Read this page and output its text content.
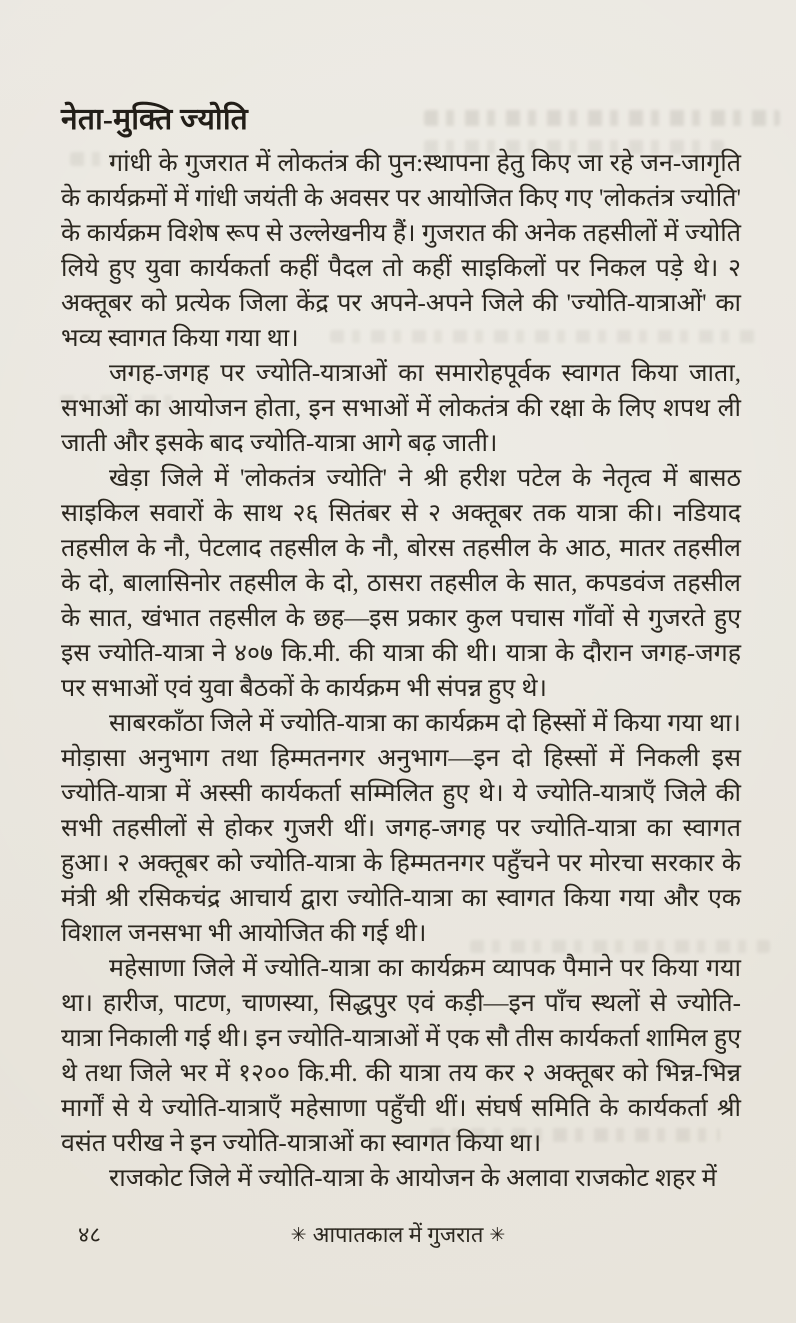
नेता-मुक्ति ज्योति

गांधी के गुजरात में लोकतंत्र की पुन:स्थापना हेतु किए जा रहे जन-जागृति के कार्यक्रमों में गांधी जयंती के अवसर पर आयोजित किए गए 'लोकतंत्र ज्योति' के कार्यक्रम विशेष रूप से उल्लेखनीय हैं। गुजरात की अनेक तहसीलों में ज्योति लिये हुए युवा कार्यकर्ता कहीं पैदल तो कहीं साइकिलों पर निकल पड़े थे। २ अक्तूबर को प्रत्येक जिला केंद्र पर अपने-अपने जिले की 'ज्योति-यात्राओं' का भव्य स्वागत किया गया था।

जगह-जगह पर ज्योति-यात्राओं का समारोहपूर्वक स्वागत किया जाता, सभाओं का आयोजन होता, इन सभाओं में लोकतंत्र की रक्षा के लिए शपथ ली जाती और इसके बाद ज्योति-यात्रा आगे बढ़ जाती।

खेड़ा जिले में 'लोकतंत्र ज्योति' ने श्री हरीश पटेल के नेतृत्व में बासठ साइकिल सवारों के साथ २६ सितंबर से २ अक्तूबर तक यात्रा की। नडियाद तहसील के नौ, पेटलाद तहसील के नौ, बोरस तहसील के आठ, मातर तहसील के दो, बालासिनोर तहसील के दो, ठासरा तहसील के सात, कपडवंज तहसील के सात, खंभात तहसील के छह—इस प्रकार कुल पचास गाँवों से गुजरते हुए इस ज्योति-यात्रा ने ४०७ कि.मी. की यात्रा की थी। यात्रा के दौरान जगह-जगह पर सभाओं एवं युवा बैठकों के कार्यक्रम भी संपन्न हुए थे।

साबरकाँठा जिले में ज्योति-यात्रा का कार्यक्रम दो हिस्सों में किया गया था। मोड़ासा अनुभाग तथा हिम्मतनगर अनुभाग—इन दो हिस्सों में निकली इस ज्योति-यात्रा में अस्सी कार्यकर्ता सम्मिलित हुए थे। ये ज्योति-यात्राएँ जिले की सभी तहसीलों से होकर गुजरी थीं। जगह-जगह पर ज्योति-यात्रा का स्वागत हुआ। २ अक्तूबर को ज्योति-यात्रा के हिम्मतनगर पहुँचने पर मोरचा सरकार के मंत्री श्री रसिकचंद्र आचार्य द्वारा ज्योति-यात्रा का स्वागत किया गया और एक विशाल जनसभा भी आयोजित की गई थी।

महेसाणा जिले में ज्योति-यात्रा का कार्यक्रम व्यापक पैमाने पर किया गया था। हारीज, पाटण, चाणस्या, सिद्धपुर एवं कड़ी—इन पाँच स्थलों से ज्योति-यात्रा निकाली गई थी। इन ज्योति-यात्राओं में एक सौ तीस कार्यकर्ता शामिल हुए थे तथा जिले भर में १२०० कि.मी. की यात्रा तय कर २ अक्तूबर को भिन्न-भिन्न मार्गों से ये ज्योति-यात्राएँ महेसाणा पहुँची थीं। संघर्ष समिति के कार्यकर्ता श्री वसंत परीख ने इन ज्योति-यात्राओं का स्वागत किया था।

राजकोट जिले में ज्योति-यात्रा के आयोजन के अलावा राजकोट शहर में

४८	✳ आपातकाल में गुजरात ✳
